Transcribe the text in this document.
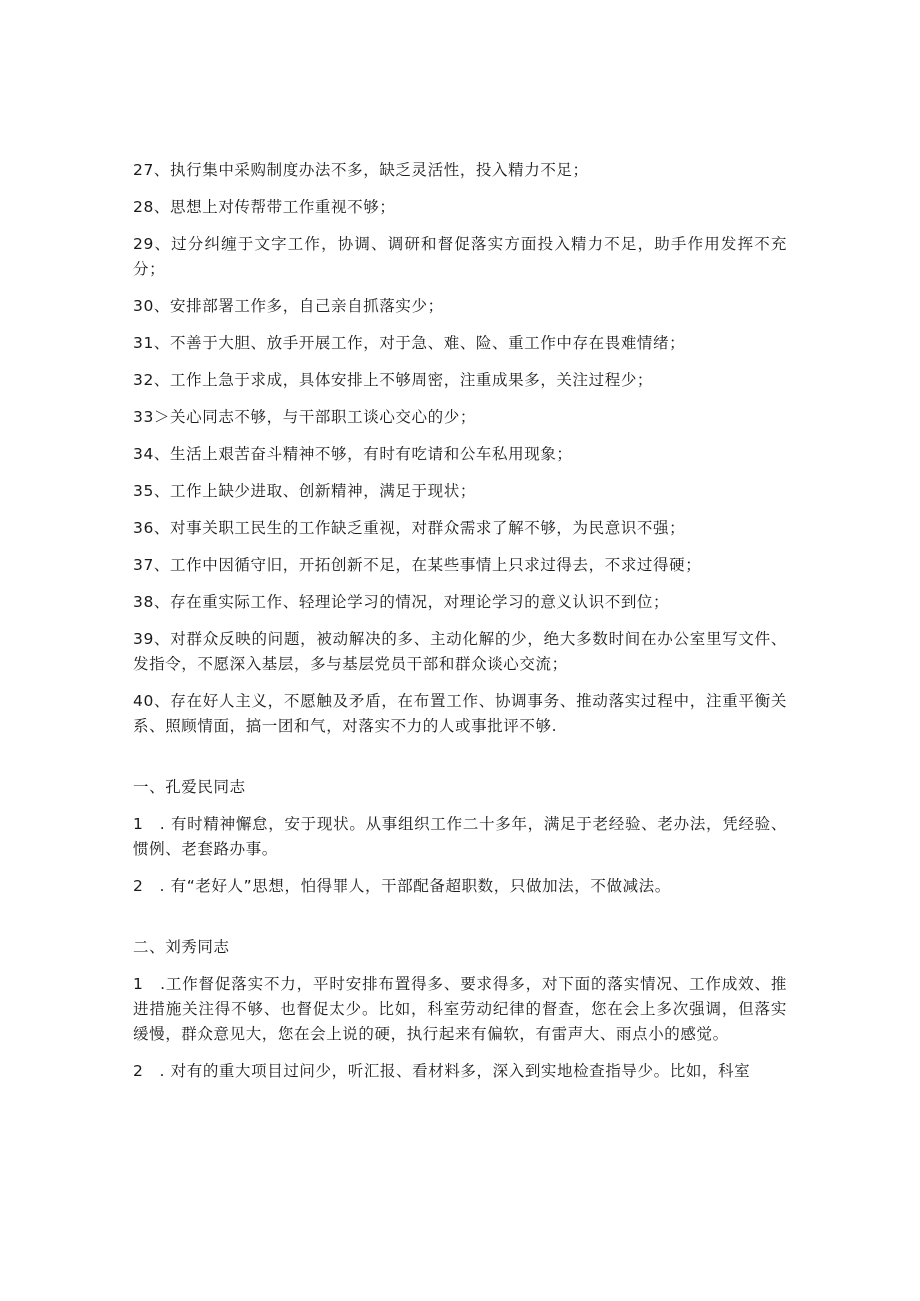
27、执行集中采购制度办法不多，缺乏灵活性，投入精力不足；

28、思想上对传帮带工作重视不够；

29、过分纠缠于文字工作，协调、调研和督促落实方面投入精力不足，助手作用发挥不充分；

30、安排部署工作多，自己亲自抓落实少；

31、不善于大胆、放手开展工作，对于急、难、险、重工作中存在畏难情绪；

32、工作上急于求成，具体安排上不够周密，注重成果多，关注过程少；

33＞关心同志不够，与干部职工谈心交心的少；

34、生活上艰苦奋斗精神不够，有时有吃请和公车私用现象；

35、工作上缺少进取、创新精神，满足于现状；

36、对事关职工民生的工作缺乏重视，对群众需求了解不够，为民意识不强；

37、工作中因循守旧，开拓创新不足，在某些事情上只求过得去，不求过得硬；

38、存在重实际工作、轻理论学习的情况，对理论学习的意义认识不到位；

39、对群众反映的问题，被动解决的多、主动化解的少，绝大多数时间在办公室里写文件、发指令，不愿深入基层，多与基层党员干部和群众谈心交流；

40、存在好人主义，不愿触及矛盾，在布置工作、协调事务、推动落实过程中，注重平衡关系、照顾情面，搞一团和气，对落实不力的人或事批评不够.

一、孔爱民同志

1　. 有时精神懈怠，安于现状。从事组织工作二十多年，满足于老经验、老办法，凭经验、惯例、老套路办事。

2　. 有“老好人”思想，怕得罪人，干部配备超职数，只做加法，不做减法。

二、刘秀同志

1　.工作督促落实不力，平时安排布置得多、要求得多，对下面的落实情况、工作成效、推进措施关注得不够、也督促太少。比如，科室劳动纪律的督查，您在会上多次强调，但落实缓慢，群众意见大，您在会上说的硬，执行起来有偏软，有雷声大、雨点小的感觉。

2　. 对有的重大项目过问少，听汇报、看材料多，深入到实地检查指导少。比如，科室
